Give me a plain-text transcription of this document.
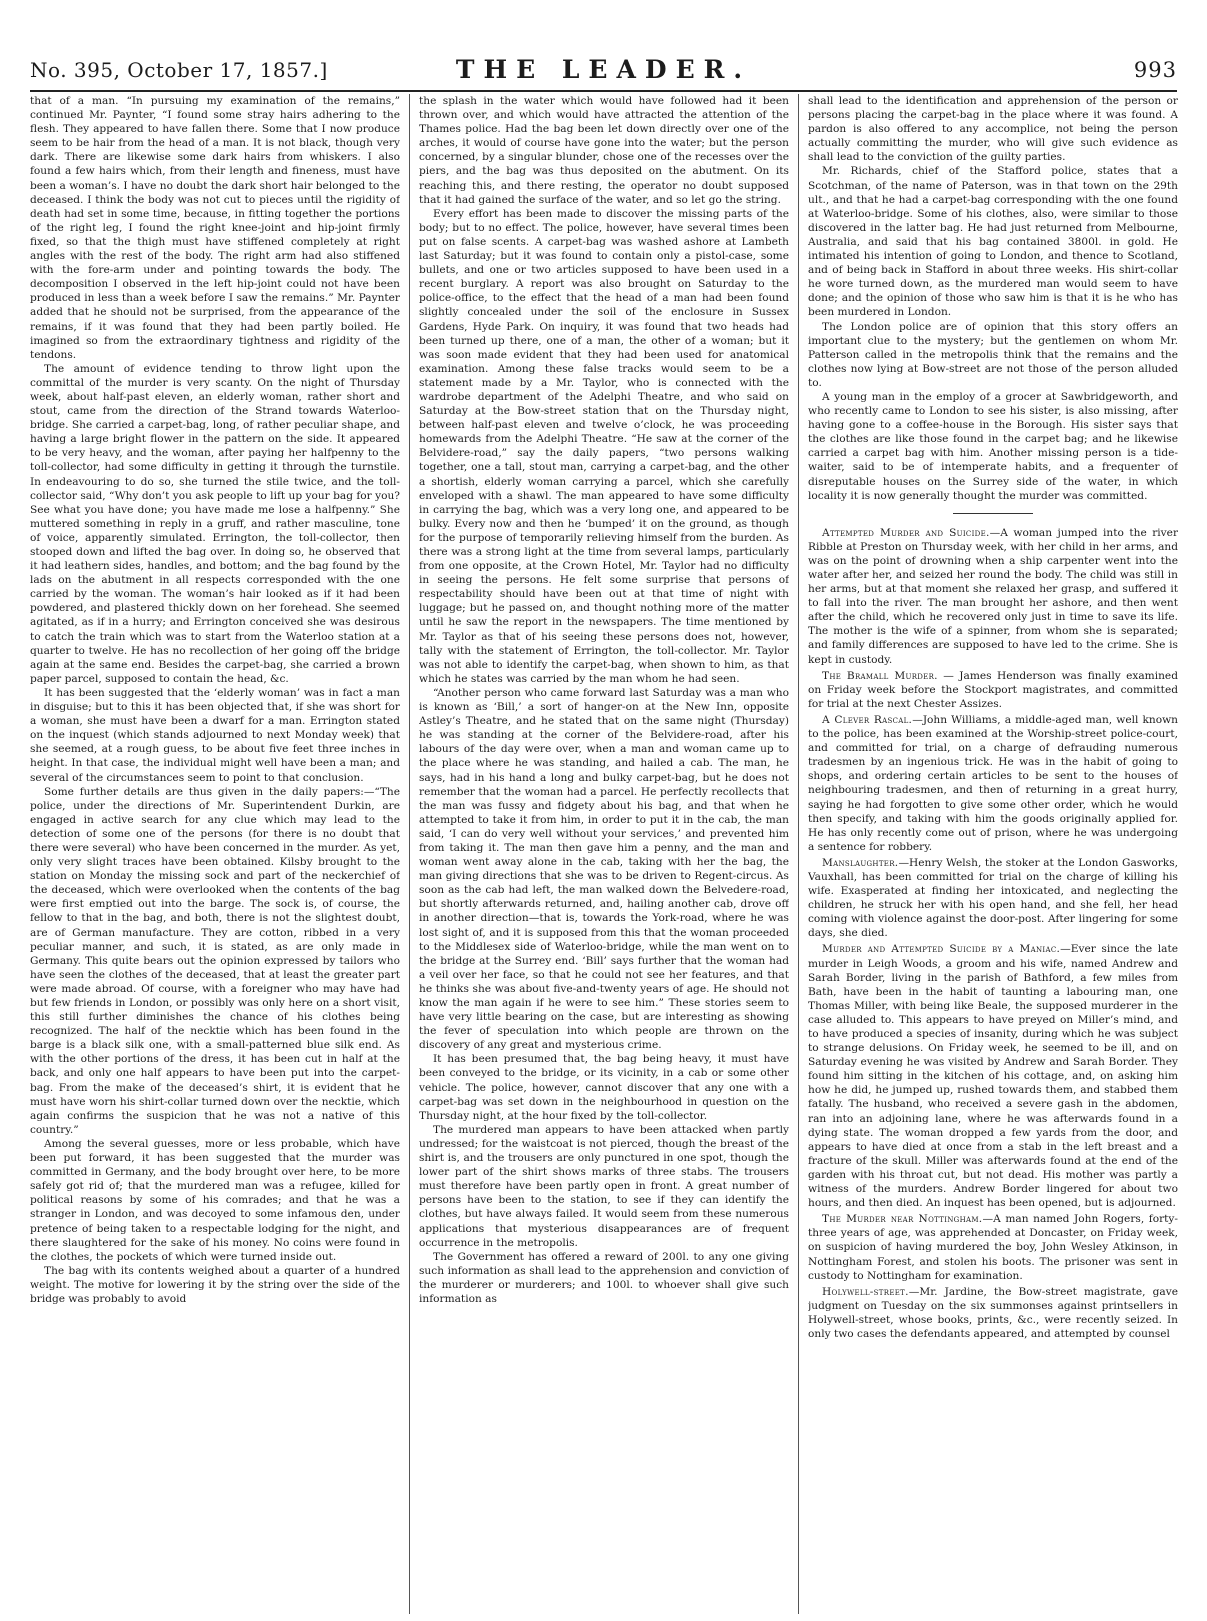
No. 395, October 17, 1857.]	THE LEADER.	993

that of a man. “In pursuing my examination of the remains,” continued Mr. Paynter, “I found some stray hairs adhering to the flesh. They appeared to have fallen there. Some that I now produce seem to be hair from the head of a man. It is not black, though very dark. There are likewise some dark hairs from whiskers. I also found a few hairs which, from their length and fineness, must have been a woman’s. I have no doubt the dark short hair belonged to the deceased. I think the body was not cut to pieces until the rigidity of death had set in some time, because, in fitting together the portions of the right leg, I found the right knee-joint and hip-joint firmly fixed, so that the thigh must have stiffened completely at right angles with the rest of the body. The right arm had also stiffened with the fore-arm under and pointing towards the body. The decomposition I observed in the left hip-joint could not have been produced in less than a week before I saw the remains.” Mr. Paynter added that he should not be surprised, from the appearance of the remains, if it was found that they had been partly boiled. He imagined so from the extraordinary tightness and rigidity of the tendons.

The amount of evidence tending to throw light upon the committal of the murder is very scanty. On the night of Thursday week, about half-past eleven, an elderly woman, rather short and stout, came from the direction of the Strand towards Waterloo-bridge. She carried a carpet-bag, long, of rather peculiar shape, and having a large bright flower in the pattern on the side. It appeared to be very heavy, and the woman, after paying her halfpenny to the toll-collector, had some difficulty in getting it through the turnstile. In endeavouring to do so, she turned the stile twice, and the toll-collector said, “Why don’t you ask people to lift up your bag for you? See what you have done; you have made me lose a halfpenny.” She muttered something in reply in a gruff, and rather masculine, tone of voice, apparently simulated. Errington, the toll-collector, then stooped down and lifted the bag over. In doing so, he observed that it had leathern sides, handles, and bottom; and the bag found by the lads on the abutment in all respects corresponded with the one carried by the woman. The woman’s hair looked as if it had been powdered, and plastered thickly down on her forehead. She seemed agitated, as if in a hurry; and Errington conceived she was desirous to catch the train which was to start from the Waterloo station at a quarter to twelve. He has no recollection of her going off the bridge again at the same end. Besides the carpet-bag, she carried a brown paper parcel, supposed to contain the head, &c.

It has been suggested that the ‘elderly woman’ was in fact a man in disguise; but to this it has been objected that, if she was short for a woman, she must have been a dwarf for a man. Errington stated on the inquest (which stands adjourned to next Monday week) that she seemed, at a rough guess, to be about five feet three inches in height. In that case, the individual might well have been a man; and several of the circumstances seem to point to that conclusion.

Some further details are thus given in the daily papers:—“The police, under the directions of Mr. Superintendent Durkin, are engaged in active search for any clue which may lead to the detection of some one of the persons (for there is no doubt that there were several) who have been concerned in the murder. As yet, only very slight traces have been obtained. Kilsby brought to the station on Monday the missing sock and part of the neckerchief of the deceased, which were overlooked when the contents of the bag were first emptied out into the barge. The sock is, of course, the fellow to that in the bag, and both, there is not the slightest doubt, are of German manufacture. They are cotton, ribbed in a very peculiar manner, and such, it is stated, as are only made in Germany. This quite bears out the opinion expressed by tailors who have seen the clothes of the deceased, that at least the greater part were made abroad. Of course, with a foreigner who may have had but few friends in London, or possibly was only here on a short visit, this still further diminishes the chance of his clothes being recognized. The half of the necktie which has been found in the barge is a black silk one, with a small-patterned blue silk end. As with the other portions of the dress, it has been cut in half at the back, and only one half appears to have been put into the carpet-bag. From the make of the deceased’s shirt, it is evident that he must have worn his shirt-collar turned down over the necktie, which again confirms the suspicion that he was not a native of this country.”

Among the several guesses, more or less probable, which have been put forward, it has been suggested that the murder was committed in Germany, and the body brought over here, to be more safely got rid of; that the murdered man was a refugee, killed for political reasons by some of his comrades; and that he was a stranger in London, and was decoyed to some infamous den, under pretence of being taken to a respectable lodging for the night, and there slaughtered for the sake of his money. No coins were found in the clothes, the pockets of which were turned inside out.

The bag with its contents weighed about a quarter of a hundred weight. The motive for lowering it by the string over the side of the bridge was probably to avoid

the splash in the water which would have followed had it been thrown over, and which would have attracted the attention of the Thames police. Had the bag been let down directly over one of the arches, it would of course have gone into the water; but the person concerned, by a singular blunder, chose one of the recesses over the piers, and the bag was thus deposited on the abutment. On its reaching this, and there resting, the operator no doubt supposed that it had gained the surface of the water, and so let go the string.

Every effort has been made to discover the missing parts of the body; but to no effect. The police, however, have several times been put on false scents. A carpet-bag was washed ashore at Lambeth last Saturday; but it was found to contain only a pistol-case, some bullets, and one or two articles supposed to have been used in a recent burglary. A report was also brought on Saturday to the police-office, to the effect that the head of a man had been found slightly concealed under the soil of the enclosure in Sussex Gardens, Hyde Park. On inquiry, it was found that two heads had been turned up there, one of a man, the other of a woman; but it was soon made evident that they had been used for anatomical examination. Among these false tracks would seem to be a statement made by a Mr. Taylor, who is connected with the wardrobe department of the Adelphi Theatre, and who said on Saturday at the Bow-street station that on the Thursday night, between half-past eleven and twelve o’clock, he was proceeding homewards from the Adelphi Theatre. “He saw at the corner of the Belvidere-road,” say the daily papers, “two persons walking together, one a tall, stout man, carrying a carpet-bag, and the other a shortish, elderly woman carrying a parcel, which she carefully enveloped with a shawl. The man appeared to have some difficulty in carrying the bag, which was a very long one, and appeared to be bulky. Every now and then he ‘bumped’ it on the ground, as though for the purpose of temporarily relieving himself from the burden. As there was a strong light at the time from several lamps, particularly from one opposite, at the Crown Hotel, Mr. Taylor had no difficulty in seeing the persons. He felt some surprise that persons of respectability should have been out at that time of night with luggage; but he passed on, and thought nothing more of the matter until he saw the report in the newspapers. The time mentioned by Mr. Taylor as that of his seeing these persons does not, however, tally with the statement of Errington, the toll-collector. Mr. Taylor was not able to identify the carpet-bag, when shown to him, as that which he states was carried by the man whom he had seen.

“Another person who came forward last Saturday was a man who is known as ‘Bill,’ a sort of hanger-on at the New Inn, opposite Astley’s Theatre, and he stated that on the same night (Thursday) he was standing at the corner of the Belvidere-road, after his labours of the day were over, when a man and woman came up to the place where he was standing, and hailed a cab. The man, he says, had in his hand a long and bulky carpet-bag, but he does not remember that the woman had a parcel. He perfectly recollects that the man was fussy and fidgety about his bag, and that when he attempted to take it from him, in order to put it in the cab, the man said, ‘I can do very well without your services,’ and prevented him from taking it. The man then gave him a penny, and the man and woman went away alone in the cab, taking with her the bag, the man giving directions that she was to be driven to Regent-circus. As soon as the cab had left, the man walked down the Belvedere-road, but shortly afterwards returned, and, hailing another cab, drove off in another direction—that is, towards the York-road, where he was lost sight of, and it is supposed from this that the woman proceeded to the Middlesex side of Waterloo-bridge, while the man went on to the bridge at the Surrey end. ‘Bill’ says further that the woman had a veil over her face, so that he could not see her features, and that he thinks she was about five-and-twenty years of age. He should not know the man again if he were to see him.” These stories seem to have very little bearing on the case, but are interesting as showing the fever of speculation into which people are thrown on the discovery of any great and mysterious crime.

It has been presumed that, the bag being heavy, it must have been conveyed to the bridge, or its vicinity, in a cab or some other vehicle. The police, however, cannot discover that any one with a carpet-bag was set down in the neighbourhood in question on the Thursday night, at the hour fixed by the toll-collector.

The murdered man appears to have been attacked when partly undressed; for the waistcoat is not pierced, though the breast of the shirt is, and the trousers are only punctured in one spot, though the lower part of the shirt shows marks of three stabs. The trousers must therefore have been partly open in front. A great number of persons have been to the station, to see if they can identify the clothes, but have always failed. It would seem from these numerous applications that mysterious disappearances are of frequent occurrence in the metropolis.

The Government has offered a reward of 200l. to any one giving such information as shall lead to the apprehension and conviction of the murderer or murderers; and 100l. to whoever shall give such information as

shall lead to the identification and apprehension of the person or persons placing the carpet-bag in the place where it was found. A pardon is also offered to any accomplice, not being the person actually committing the murder, who will give such evidence as shall lead to the conviction of the guilty parties.

Mr. Richards, chief of the Stafford police, states that a Scotchman, of the name of Paterson, was in that town on the 29th ult., and that he had a carpet-bag corresponding with the one found at Waterloo-bridge. Some of his clothes, also, were similar to those discovered in the latter bag. He had just returned from Melbourne, Australia, and said that his bag contained 3800l. in gold. He intimated his intention of going to London, and thence to Scotland, and of being back in Stafford in about three weeks. His shirt-collar he wore turned down, as the murdered man would seem to have done; and the opinion of those who saw him is that it is he who has been murdered in London.

The London police are of opinion that this story offers an important clue to the mystery; but the gentlemen on whom Mr. Patterson called in the metropolis think that the remains and the clothes now lying at Bow-street are not those of the person alluded to.

A young man in the employ of a grocer at Sawbridgeworth, and who recently came to London to see his sister, is also missing, after having gone to a coffee-house in the Borough. His sister says that the clothes are like those found in the carpet bag; and he likewise carried a carpet bag with him. Another missing person is a tide-waiter, said to be of intemperate habits, and a frequenter of disreputable houses on the Surrey side of the water, in which locality it is now generally thought the murder was committed.

Attempted Murder and Suicide.—A woman jumped into the river Ribble at Preston on Thursday week, with her child in her arms, and was on the point of drowning when a ship carpenter went into the water after her, and seized her round the body. The child was still in her arms, but at that moment she relaxed her grasp, and suffered it to fall into the river. The man brought her ashore, and then went after the child, which he recovered only just in time to save its life. The mother is the wife of a spinner, from whom she is separated; and family differences are supposed to have led to the crime. She is kept in custody.

The Bramall Murder. — James Henderson was finally examined on Friday week before the Stockport magistrates, and committed for trial at the next Chester Assizes.

A Clever Rascal.—John Williams, a middle-aged man, well known to the police, has been examined at the Worship-street police-court, and committed for trial, on a charge of defrauding numerous tradesmen by an ingenious trick. He was in the habit of going to shops, and ordering certain articles to be sent to the houses of neighbouring tradesmen, and then of returning in a great hurry, saying he had forgotten to give some other order, which he would then specify, and taking with him the goods originally applied for. He has only recently come out of prison, where he was undergoing a sentence for robbery.

Manslaughter.—Henry Welsh, the stoker at the London Gasworks, Vauxhall, has been committed for trial on the charge of killing his wife. Exasperated at finding her intoxicated, and neglecting the children, he struck her with his open hand, and she fell, her head coming with violence against the door-post. After lingering for some days, she died.

Murder and Attempted Suicide by a Maniac.—Ever since the late murder in Leigh Woods, a groom and his wife, named Andrew and Sarah Border, living in the parish of Bathford, a few miles from Bath, have been in the habit of taunting a labouring man, one Thomas Miller, with being like Beale, the supposed murderer in the case alluded to. This appears to have preyed on Miller’s mind, and to have produced a species of insanity, during which he was subject to strange delusions. On Friday week, he seemed to be ill, and on Saturday evening he was visited by Andrew and Sarah Border. They found him sitting in the kitchen of his cottage, and, on asking him how he did, he jumped up, rushed towards them, and stabbed them fatally. The husband, who received a severe gash in the abdomen, ran into an adjoining lane, where he was afterwards found in a dying state. The woman dropped a few yards from the door, and appears to have died at once from a stab in the left breast and a fracture of the skull. Miller was afterwards found at the end of the garden with his throat cut, but not dead. His mother was partly a witness of the murders. Andrew Border lingered for about two hours, and then died. An inquest has been opened, but is adjourned.

The Murder near Nottingham.—A man named John Rogers, forty-three years of age, was apprehended at Doncaster, on Friday week, on suspicion of having murdered the boy, John Wesley Atkinson, in Nottingham Forest, and stolen his boots. The prisoner was sent in custody to Nottingham for examination.

Holywell-street.—Mr. Jardine, the Bow-street magistrate, gave judgment on Tuesday on the six summonses against printsellers in Holywell-street, whose books, prints, &c., were recently seized. In only two cases the defendants appeared, and attempted by counsel
